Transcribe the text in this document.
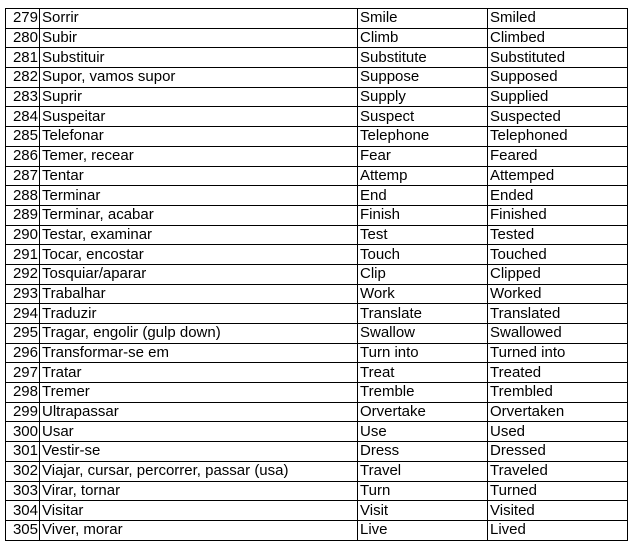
279	Sorrir	Smile	Smiled
280	Subir	Climb	Climbed
281	Substituir	Substitute	Substituted
282	Supor, vamos supor	Suppose	Supposed
283	Suprir	Supply	Supplied
284	Suspeitar	Suspect	Suspected
285	Telefonar	Telephone	Telephoned
286	Temer, recear	Fear	Feared
287	Tentar	Attemp	Attemped
288	Terminar	End	Ended
289	Terminar, acabar	Finish	Finished
290	Testar, examinar	Test	Tested
291	Tocar, encostar	Touch	Touched
292	Tosquiar/aparar	Clip	Clipped
293	Trabalhar	Work	Worked
294	Traduzir	Translate	Translated
295	Tragar, engolir (gulp down)	Swallow	Swallowed
296	Transformar-se em	Turn into	Turned into
297	Tratar	Treat	Treated
298	Tremer	Tremble	Trembled
299	Ultrapassar	Orvertake	Orvertaken
300	Usar	Use	Used
301	Vestir-se	Dress	Dressed
302	Viajar, cursar, percorrer, passar (usa)	Travel	Traveled
303	Virar, tornar	Turn	Turned
304	Visitar	Visit	Visited
305	Viver, morar	Live	Lived
